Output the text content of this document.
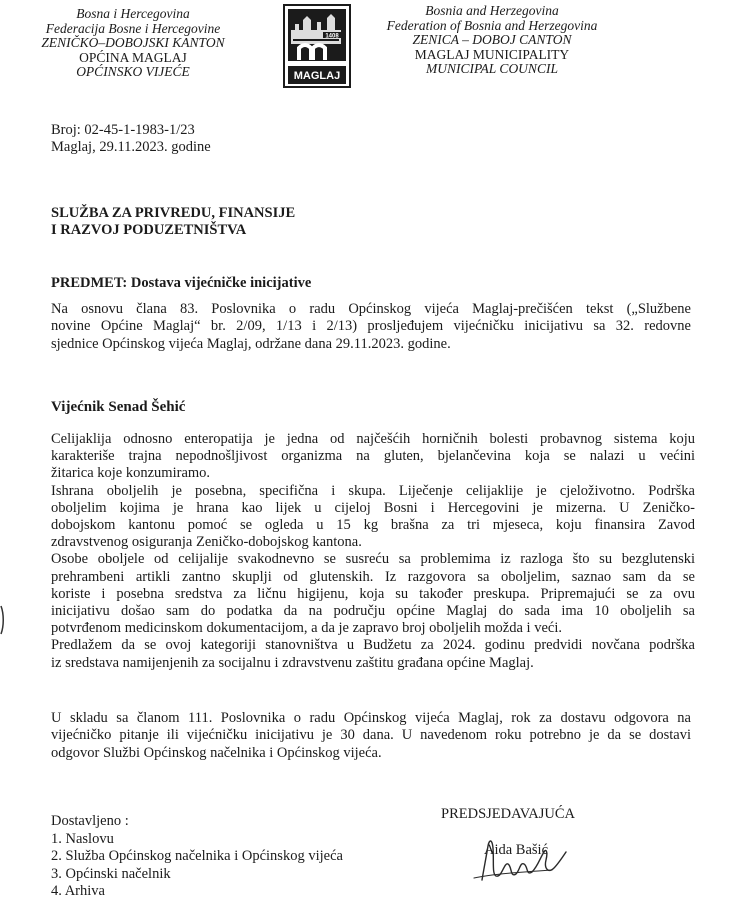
Bosna i Hercegovina
Federacija Bosne i Hercegovine
ZENIČKO–DOBOJSKI KANTON
OPĆINA MAGLAJ
OPĆINSKO VIJEĆE
1408
MAGLAJ
Bosnia and Herzegovina
Federation of Bosnia and Herzegovina
ZENICA – DOBOJ CANTON
MAGLAJ MUNICIPALITY
MUNICIPAL COUNCIL
Broj: 02-45-1-1983-1/23
Maglaj, 29.11.2023. godine
SLUŽBA ZA PRIVREDU, FINANSIJE
I RAZVOJ PODUZETNIŠTVA
PREDMET: Dostava vijećničke inicijative
Na osnovu člana 83. Poslovnika o radu Općinskog vijeća Maglaj-prečišćen tekst („Službene
novine Općine Maglaj“ br. 2/09, 1/13 i 2/13) prosljeđujem vijećničku inicijativu sa 32. redovne
sjednice Općinskog vijeća Maglaj, održane dana 29.11.2023. godine.
Vijećnik Senad Šehić
Celijaklija odnosno enteropatija je jedna od najčešćih horničnih bolesti probavnog sistema koju
karakteriše trajna nepodnošljivost organizma na gluten, bjelančevina koja se nalazi u većini
žitarica koje konzumiramo.
Ishrana oboljelih je posebna, specifična i skupa. Liječenje celijaklije je cjeloživotno. Podrška
oboljelim kojima je hrana kao lijek u cijeloj Bosni i Hercegovini je mizerna. U Zeničko-
dobojskom kantonu pomoć se ogleda u 15 kg brašna za tri mjeseca, koju finansira Zavod
zdravstvenog osiguranja Zeničko-dobojskog kantona.
Osobe oboljele od celijalije svakodnevno se susreću sa problemima iz razloga što su bezglutenski
prehrambeni artikli zantno skuplji od glutenskih. Iz razgovora sa oboljelim, saznao sam da se
koriste i posebna sredstva za ličnu higijenu, koja su također preskupa. Pripremajući se za ovu
inicijativu došao sam do podatka da na području općine Maglaj do sada ima 10 oboljelih sa
potvrđenom medicinskom dokumentacijom, a da je zapravo broj oboljelih možda i veći.
Predlažem da se ovoj kategoriji stanovništva u Budžetu za 2024. godinu predvidi novčana podrška
iz sredstava namijenjenih za socijalnu i zdravstvenu zaštitu građana općine Maglaj.
U skladu sa članom 111. Poslovnika o radu Općinskog vijeća Maglaj, rok za dostavu odgovora na
vijećničko pitanje ili vijećničku inicijativu je 30 dana. U navedenom roku potrebno je da se dostavi
odgovor Službi Općinskog načelnika i Općinskog vijeća.
Dostavljeno :
1. Naslovu
2. Služba Općinskog načelnika i Općinskog vijeća
3. Općinski načelnik
4. Arhiva
PREDSJEDAVAJUĆA
Aida Bašić
